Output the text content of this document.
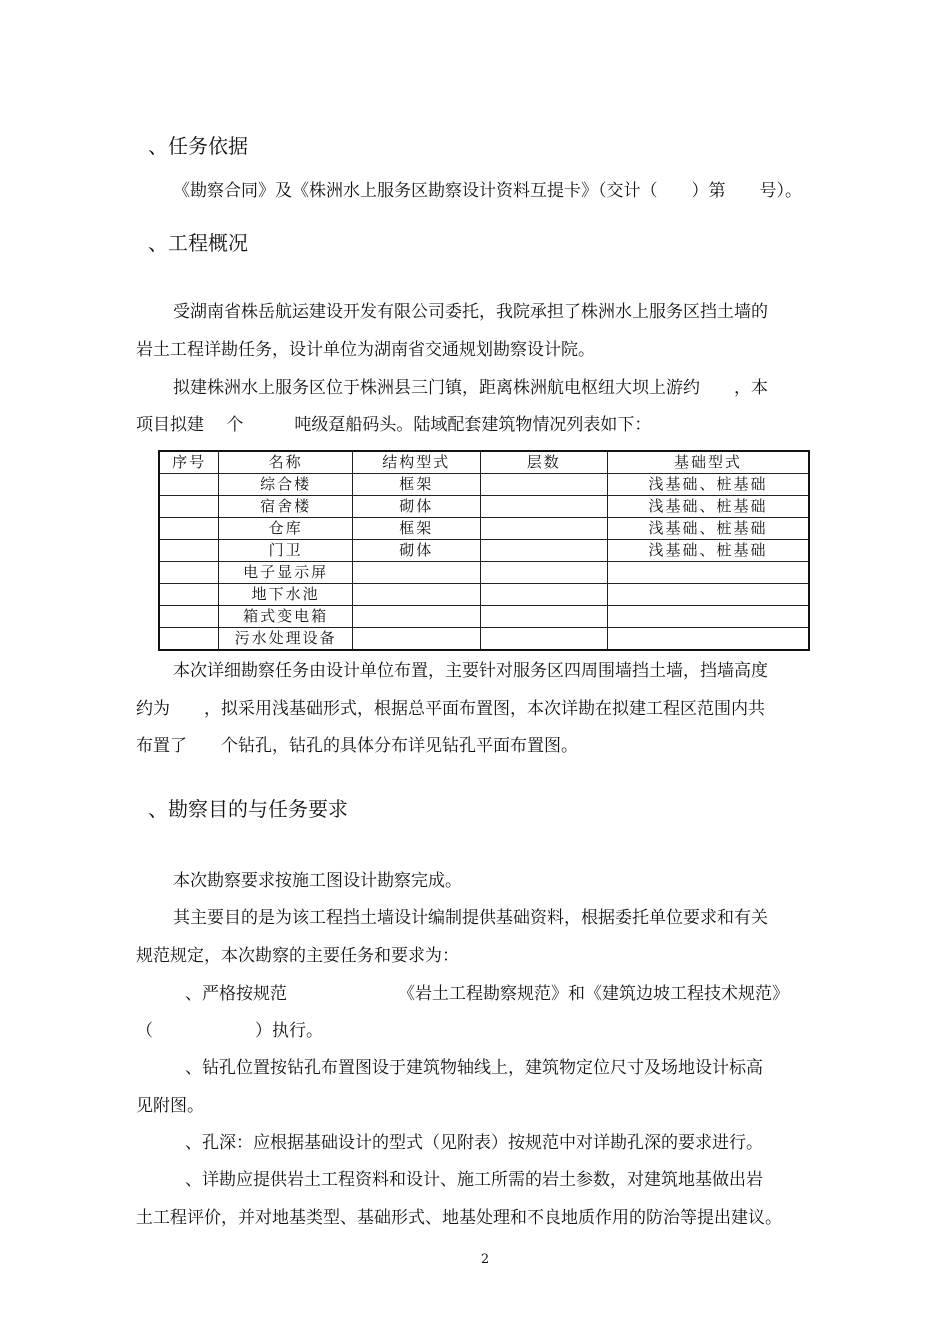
、任务依据
《勘察合同》及《株洲水上服务区勘察设计资料互提卡》（交计（　　）第　　号）。
、工程概况
受湖南省株岳航运建设开发有限公司委托，我院承担了株洲水上服务区挡土墙的
岩土工程详勘任务，设计单位为湖南省交通规划勘察设计院。
拟建株洲水上服务区位于株洲县三门镇，距离株洲航电枢纽大坝上游约　　，本
项目拟建　 个　　　吨级趸船码头。陆域配套建筑物情况列表如下：
序号	名称	结构型式	层数	基础型式
	综合楼	框架		浅基础、桩基础
	宿舍楼	砌体		浅基础、桩基础
	仓库	框架		浅基础、桩基础
	门卫	砌体		浅基础、桩基础
	电子显示屏			
	地下水池			
	箱式变电箱			
	污水处理设备			
本次详细勘察任务由设计单位布置，主要针对服务区四周围墙挡土墙，挡墙高度
约为　　，拟采用浅基础形式，根据总平面布置图，本次详勘在拟建工程区范围内共
布置了　　个钻孔，钻孔的具体分布详见钻孔平面布置图。
、勘察目的与任务要求
本次勘察要求按施工图设计勘察完成。
其主要目的是为该工程挡土墙设计编制提供基础资料，根据委托单位要求和有关
规范规定，本次勘察的主要任务和要求为：
、严格按规范	《岩土工程勘察规范》和《建筑边坡工程技术规范》
（　　　　　　）执行。
、钻孔位置按钻孔布置图设于建筑物轴线上，建筑物定位尺寸及场地设计标高
见附图。
、孔深：应根据基础设计的型式（见附表）按规范中对详勘孔深的要求进行。
、详勘应提供岩土工程资料和设计、施工所需的岩土参数，对建筑地基做出岩
土工程评价，并对地基类型、基础形式、地基处理和不良地质作用的防治等提出建议。
2
